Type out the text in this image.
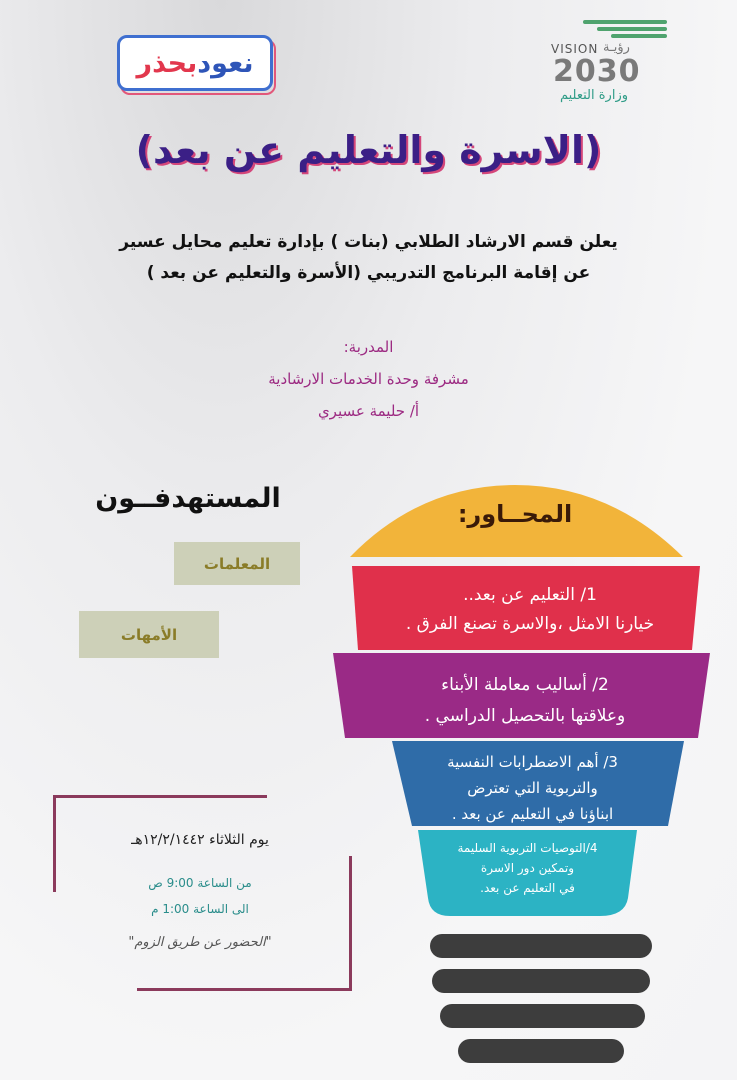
نعود
بحذر	VISION رؤيـة
2030
وزارة التعليم
(الاسرة والتعليم عن بعد)
يعلن قسم الارشاد الطلابي (بنات ) بإدارة تعليم محايل عسير
عن إقامة البرنامج التدريبي (الأسرة والتعليم عن بعد )
المدربة:
مشرفة وحدة الخدمات الارشادية
أ/ حليمة عسيري
المستهدفــون
المعلمات
الأمهات
يوم الثلاثاء ١٢/٢/١٤٤٢هـ
من الساعة 9:00 ص
الى الساعة 1:00 م
"الحضور عن طريق الزوم"
المحــاور:
1/ التعليم عن بعد..
خيارنا الامثل ،والاسرة تصنع الفرق .
2/ أساليب معاملة الأبناء
وعلاقتها بالتحصيل الدراسي .
3/ أهم الاضطرابات النفسية
والتربوية التي تعترض
ابناؤنا في التعليم عن بعد .
4/التوصيات التربوية السليمة
وتمكين دور الاسرة
في التعليم عن بعد.
